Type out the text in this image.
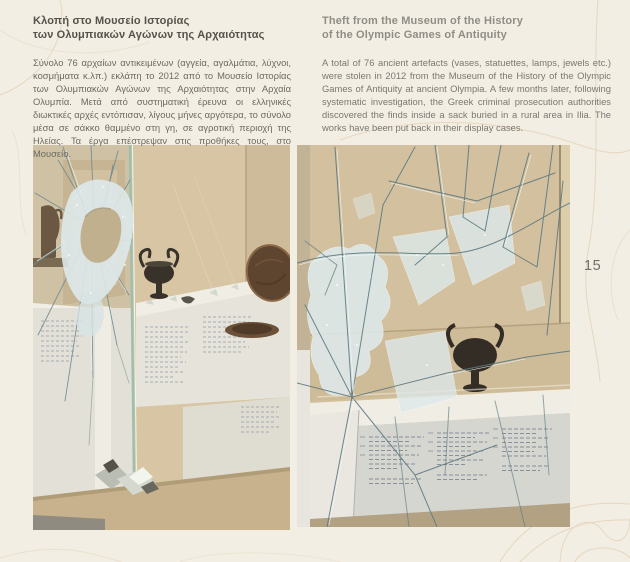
Κλοπή στο Μουσείο Ιστορίας
των Ολυμπιακών Αγώνων της Αρχαιότητας

Σύνολο 76 αρχαίων αντικειμένων (αγγεία, αγαλμάτια, λύχνοι, κοσμήματα κ.λπ.) εκλάπη το 2012 από το Μουσείο Ιστορίας των Ολυμπιακών Αγώνων της Αρχαιότητας στην Αρχαία Ολυμπία. Μετά από συστηματική έρευνα οι ελληνικές διωκτικές αρχές εντόπισαν, λίγους μήνες αργότερα, το σύνολο μέσα σε σάκκο θαμμένο στη γη, σε αγροτική περιοχή της Ηλείας. Τα έργα επέστρεψαν στις προθήκες τους, στο Μουσείο.

Theft from the Museum of the History
of the Olympic Games of Antiquity

A total of 76 ancient artefacts (vases, statuettes, lamps, jewels etc.) were stolen in 2012 from the Museum of the History of the Olympic Games of Antiquity at ancient Olympia. A few months later, following systematic investigation, the Greek criminal prosecution authorities discovered the finds inside a sack buried in a rural area in Ilia. The works have been put back in their display cases.

15
